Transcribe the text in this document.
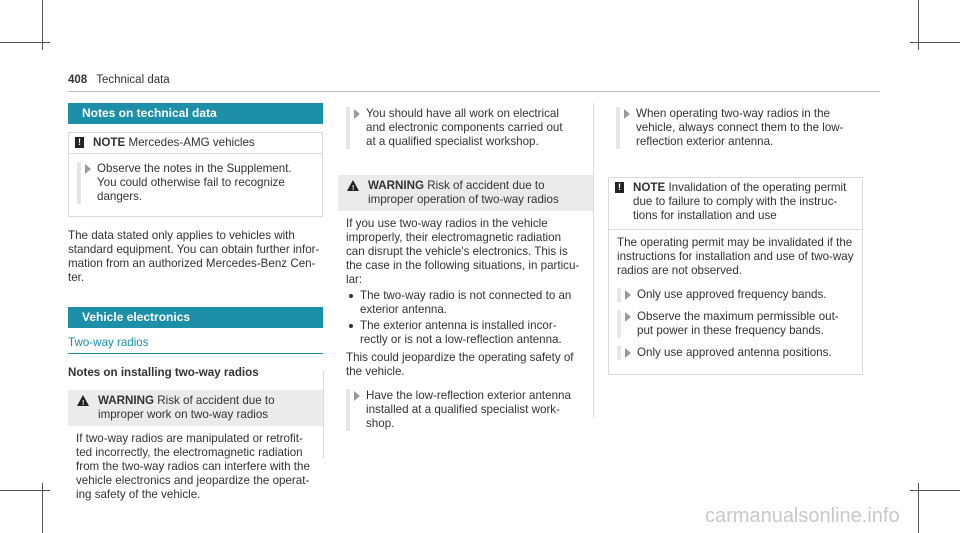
408 Technical data
Notes on technical data
! NOTE Mercedes-AMG vehicles
Observe the notes in the Supplement.
You could otherwise fail to recognize
dangers.
The data stated only applies to vehicles with
standard equipment. You can obtain further infor-
mation from an authorized Mercedes-Benz Cen-
ter.
Vehicle electronics
Two-way radios
Notes on installing two-way radios
! WARNING Risk of accident due to
improper work on two-way radios
If two-way radios are manipulated or retrofit-
ted incorrectly, the electromagnetic radiation
from the two-way radios can interfere with the
vehicle electronics and jeopardize the operat-
ing safety of the vehicle.
You should have all work on electrical
and electronic components carried out
at a qualified specialist workshop.
! WARNING Risk of accident due to
improper operation of two-way radios
If you use two-way radios in the vehicle
improperly, their electromagnetic radiation
can disrupt the vehicle's electronics. This is
the case in the following situations, in particu-
lar:
The two-way radio is not connected to an
exterior antenna.
The exterior antenna is installed incor-
rectly or is not a low-reflection antenna.
This could jeopardize the operating safety of
the vehicle.
Have the low-reflection exterior antenna
installed at a qualified specialist work-
shop.
When operating two-way radios in the
vehicle, always connect them to the low-
reflection exterior antenna.
! NOTE Invalidation of the operating permit
due to failure to comply with the instruc-
tions for installation and use
The operating permit may be invalidated if the
instructions for installation and use of two-way
radios are not observed.
Only use approved frequency bands.
Observe the maximum permissible out-
put power in these frequency bands.
Only use approved antenna positions.
carmanualsonline.info
